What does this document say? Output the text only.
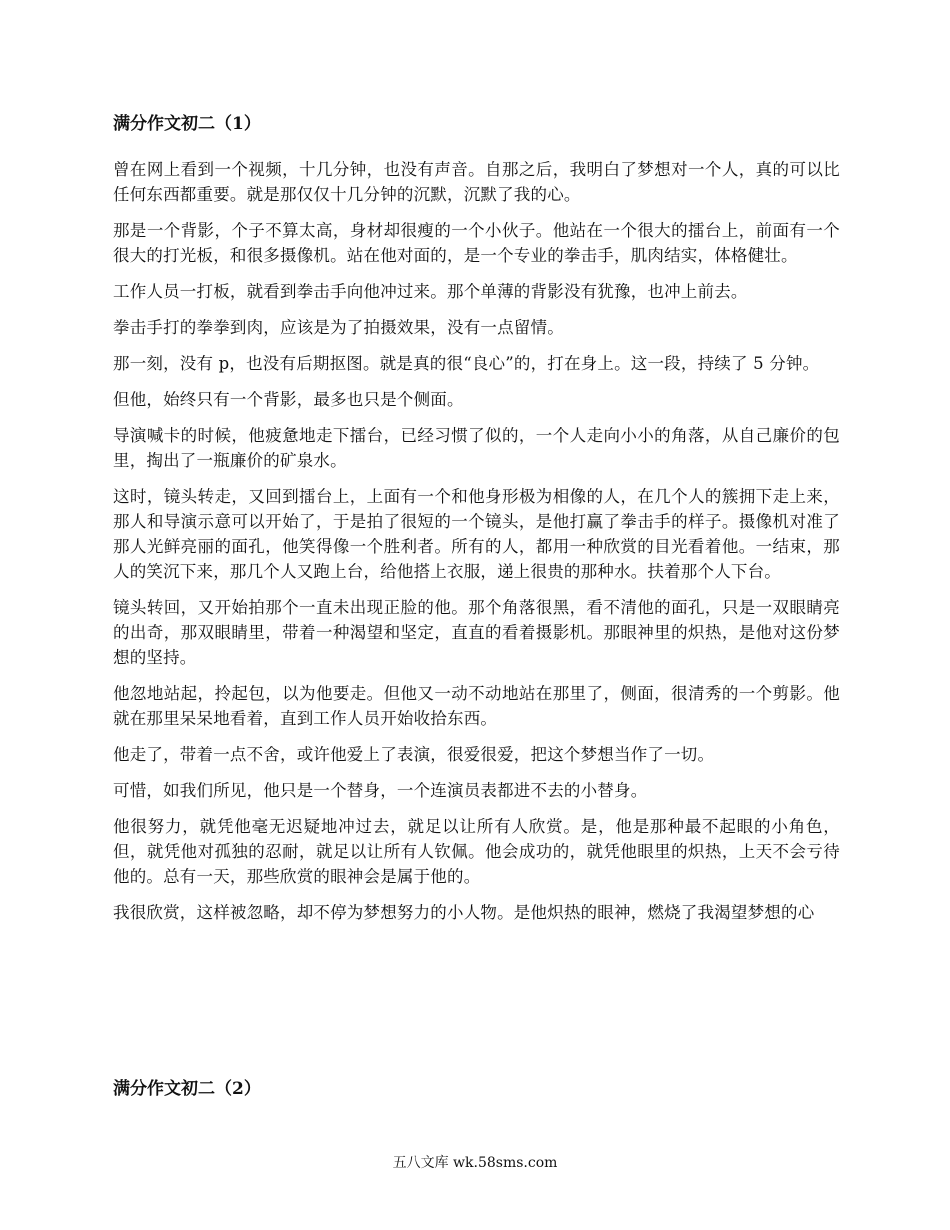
满分作文初二（1）

曾在网上看到一个视频，十几分钟，也没有声音。自那之后，我明白了梦想对一个人，真的可以比任何东西都重要。就是那仅仅十几分钟的沉默，沉默了我的心。

那是一个背影，个子不算太高，身材却很瘦的一个小伙子。他站在一个很大的擂台上，前面有一个很大的打光板，和很多摄像机。站在他对面的，是一个专业的拳击手，肌肉结实，体格健壮。

工作人员一打板，就看到拳击手向他冲过来。那个单薄的背影没有犹豫，也冲上前去。

拳击手打的拳拳到肉，应该是为了拍摄效果，没有一点留情。

那一刻，没有 p，也没有后期抠图。就是真的很“良心”的，打在身上。这一段，持续了 5 分钟。

但他，始终只有一个背影，最多也只是个侧面。

导演喊卡的时候，他疲惫地走下擂台，已经习惯了似的，一个人走向小小的角落，从自己廉价的包里，掏出了一瓶廉价的矿泉水。

这时，镜头转走，又回到擂台上，上面有一个和他身形极为相像的人，在几个人的簇拥下走上来，那人和导演示意可以开始了，于是拍了很短的一个镜头，是他打赢了拳击手的样子。摄像机对准了那人光鲜亮丽的面孔，他笑得像一个胜利者。所有的人，都用一种欣赏的目光看着他。一结束，那人的笑沉下来，那几个人又跑上台，给他搭上衣服，递上很贵的那种水。扶着那个人下台。

镜头转回，又开始拍那个一直未出现正脸的他。那个角落很黑，看不清他的面孔，只是一双眼睛亮的出奇，那双眼睛里，带着一种渴望和坚定，直直的看着摄影机。那眼神里的炽热，是他对这份梦想的坚持。

他忽地站起，拎起包，以为他要走。但他又一动不动地站在那里了，侧面，很清秀的一个剪影。他就在那里呆呆地看着，直到工作人员开始收拾东西。

他走了，带着一点不舍，或许他爱上了表演，很爱很爱，把这个梦想当作了一切。

可惜，如我们所见，他只是一个替身，一个连演员表都进不去的小替身。

他很努力，就凭他毫无迟疑地冲过去，就足以让所有人欣赏。是，他是那种最不起眼的小角色，但，就凭他对孤独的忍耐，就足以让所有人钦佩。他会成功的，就凭他眼里的炽热，上天不会亏待他的。总有一天，那些欣赏的眼神会是属于他的。

我很欣赏，这样被忽略，却不停为梦想努力的小人物。是他炽热的眼神，燃烧了我渴望梦想的心

满分作文初二（2）
五八文库 wk.58sms.com
